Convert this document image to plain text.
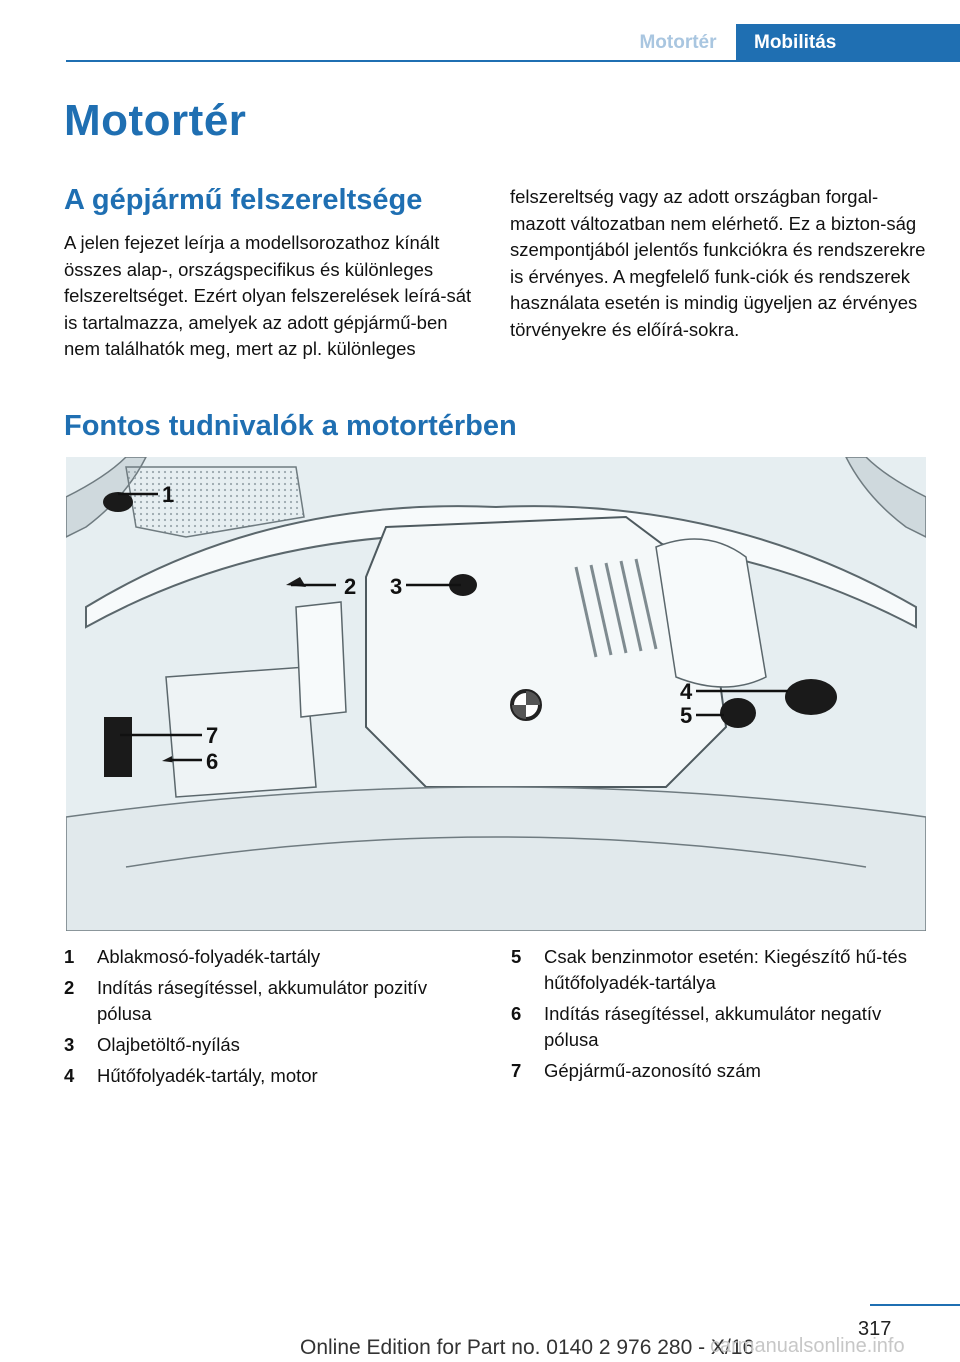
Motortér	Mobilitás
Motortér
A gépjármű felszereltsége
A jelen fejezet leírja a modellsorozathoz kínált összes alap-, országspecifikus és különleges felszereltséget. Ezért olyan felszerelések leírá-sát is tartalmazza, amelyek az adott gépjármű-ben nem találhatók meg, mert az pl. különleges
felszereltség vagy az adott országban forgal-mazott változatban nem elérhető. Ez a bizton-ság szempontjából jelentős funkciókra és rendszerekre is érvényes. A megfelelő funk-ciók és rendszerek használata esetén is mindig ügyeljen az érvényes törvényekre és előírá-sokra.
Fontos tudnivalók a motortérben
1
2 3
4
5
6
7
1	Ablakmosó-folyadék-tartály
2	Indítás rásegítéssel, akkumulátor pozitív pólusa
3	Olajbetöltő-nyílás
4	Hűtőfolyadék-tartály, motor
5	Csak benzinmotor esetén: Kiegészítő hű-tés hűtőfolyadék-tartálya
6	Indítás rásegítéssel, akkumulátor negatív pólusa
7	Gépjármű-azonosító szám
317
Online Edition for Part no. 0140 2 976 280 - X/16
carmanualsonline.info
